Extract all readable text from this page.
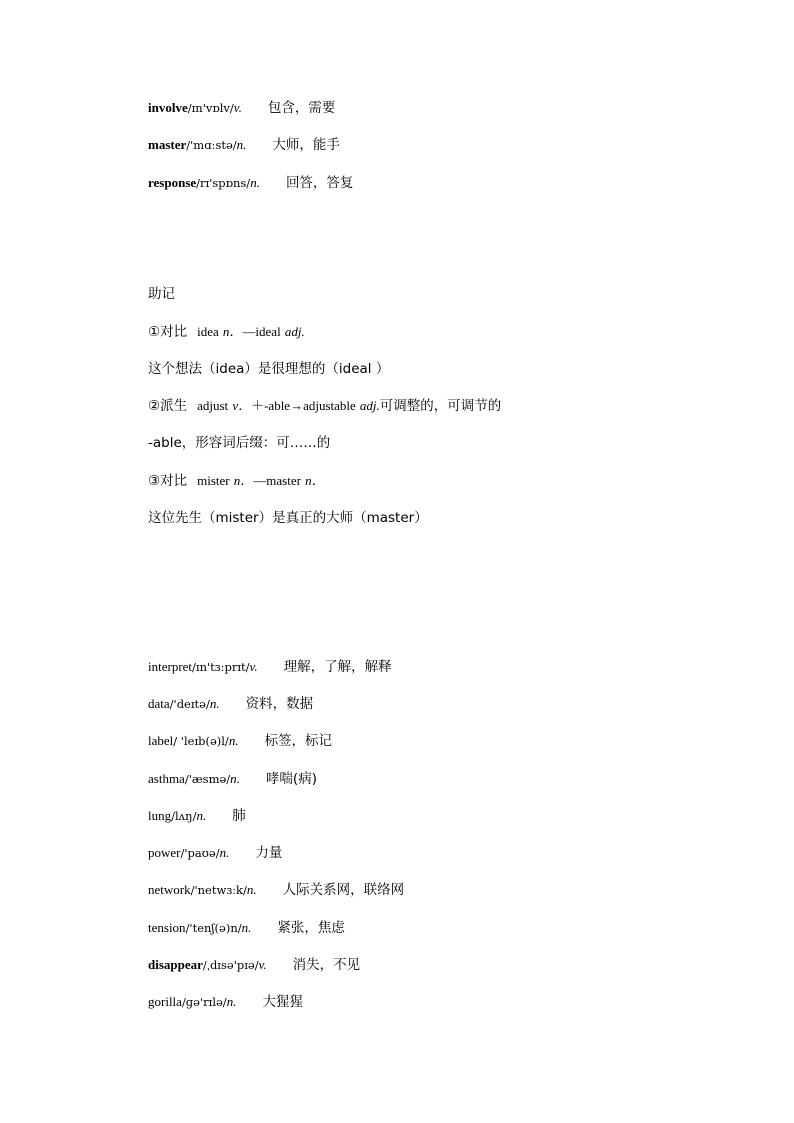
involve/ɪn'vɒlv/v. 包含，需要
master/'mɑːstə/n. 大师，能手
response/rɪ'spɒns/n. 回答，答复
助记
①对比 idea n．—ideal adj.
这个想法（idea）是很理想的（ideal ）
②派生 adjust v．＋-able→adjustable adj.可调整的，可调节的
-able，形容词后缀：可……的
③对比 mister n．—master n．
这位先生（mister）是真正的大师（master）
interpret/ɪn'tɜːprɪt/v. 理解，了解，解释
data/'deɪtə/n. 资料，数据
label/ 'leɪb(ə)l/n. 标签，标记
asthma/'æsmə/n. 哮喘(病)
lung/lʌŋ/n. 肺
power/'paʊə/n. 力量
network/'netwɜːk/n. 人际关系网，联络网
tension/'tenʃ(ə)n/n. 紧张，焦虑
disappear/ˌdɪsə'pɪə/v. 消失，不见
gorilla/ɡə'rɪlə/n. 大猩猩
